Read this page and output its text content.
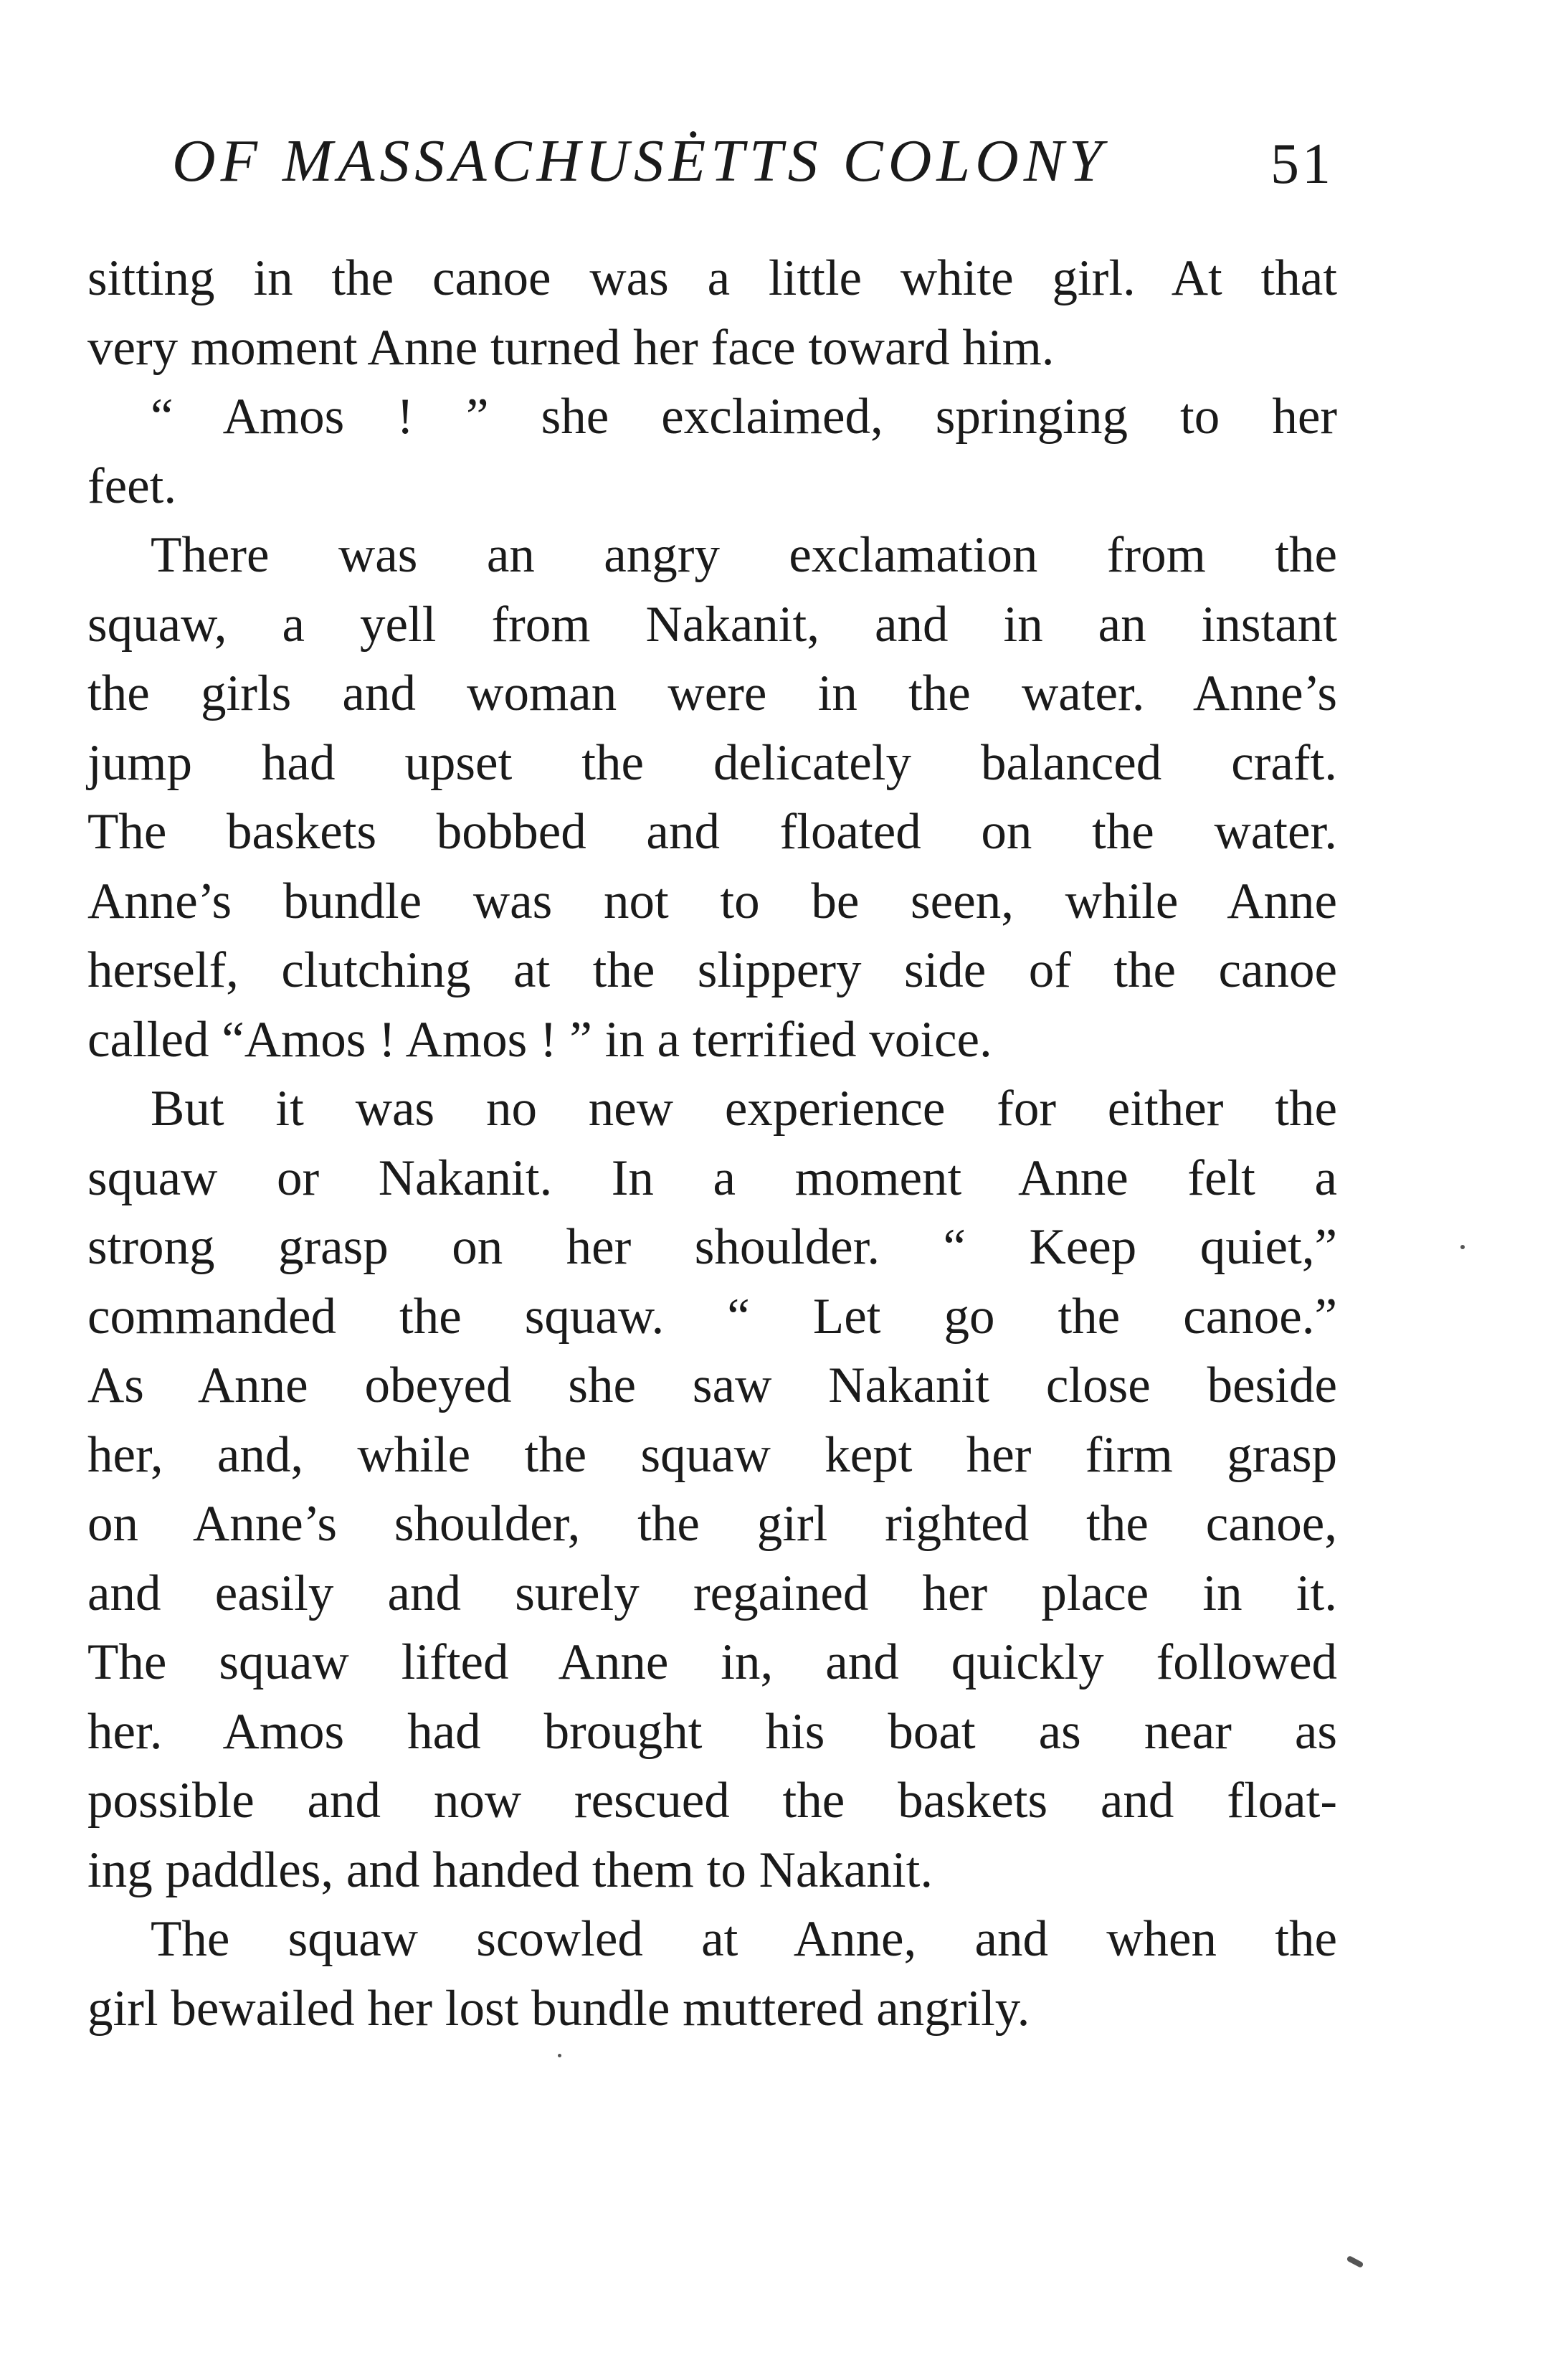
OF MASSACHUSĖTTS COLONY	51
sitting in the canoe was a little white girl. At that
very moment Anne turned her face toward him.
“ Amos ! ” she exclaimed, springing to her
feet.
There was an angry exclamation from the
squaw, a yell from Nakanit, and in an instant
the girls and woman were in the water. Anne’s
jump had upset the delicately balanced craft.
The baskets bobbed and floated on the water.
Anne’s bundle was not to be seen, while Anne
herself, clutching at the slippery side of the canoe
called “Amos ! Amos ! ” in a terrified voice.
But it was no new experience for either the
squaw or Nakanit. In a moment Anne felt a
strong grasp on her shoulder. “ Keep quiet,”
commanded the squaw. “ Let go the canoe.”
As Anne obeyed she saw Nakanit close beside
her, and, while the squaw kept her firm grasp
on Anne’s shoulder, the girl righted the canoe,
and easily and surely regained her place in it.
The squaw lifted Anne in, and quickly followed
her. Amos had brought his boat as near as
possible and now rescued the baskets and float-
ing paddles, and handed them to Nakanit.
The squaw scowled at Anne, and when the
girl bewailed her lost bundle muttered angrily.
